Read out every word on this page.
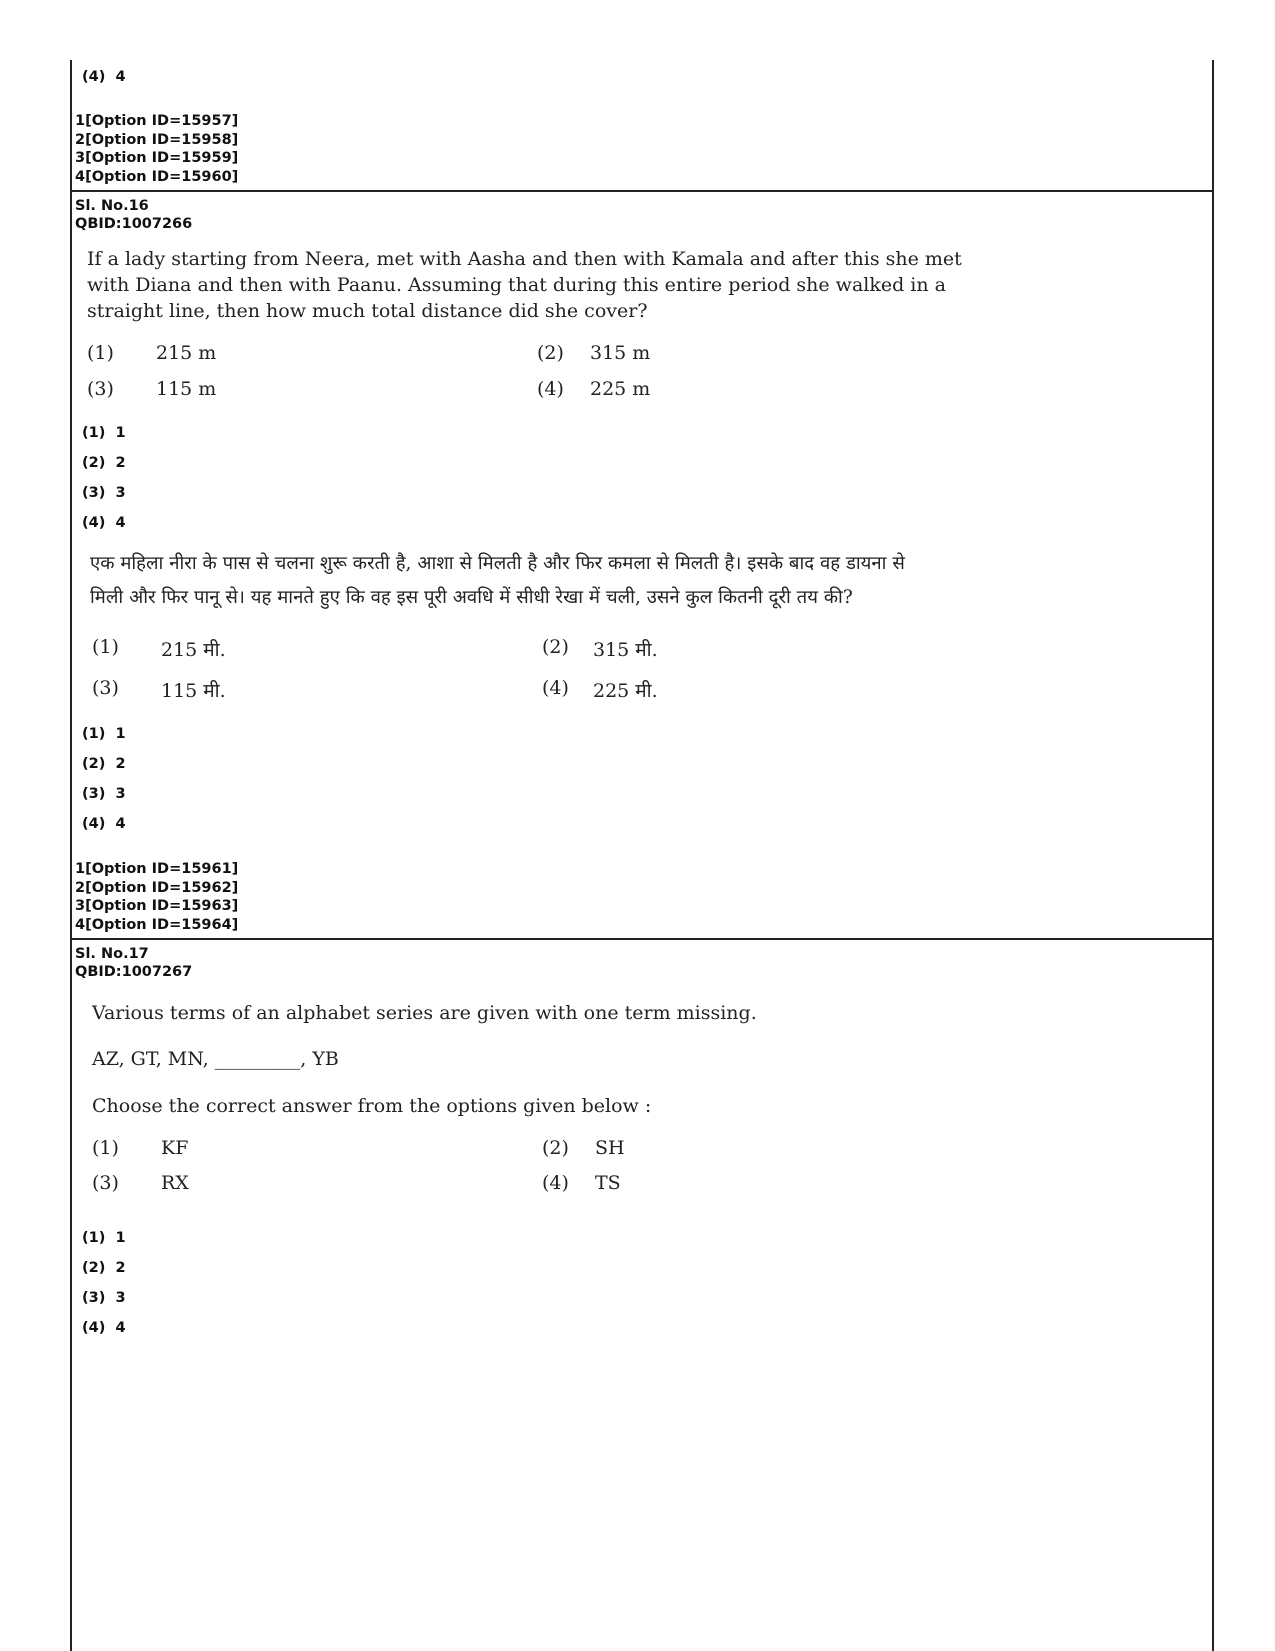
(4)  4
1[Option ID=15957]
2[Option ID=15958]
3[Option ID=15959]
4[Option ID=15960]
Sl. No.16
QBID:1007266
If a lady starting from Neera, met with Aasha and then with Kamala and after this she met
with Diana and then with Paanu. Assuming that during this entire period she walked in a
straight line, then how much total distance did she cover?
(1) 215 m	(2) 315 m
(3) 115 m	(4) 225 m
(1)  1
(2)  2
(3)  3
(4)  4
एक महिला नीरा के पास से चलना शुरू करती है, आशा से मिलती है और फिर कमला से मिलती है। इसके बाद वह डायना से
मिली और फिर पानू से। यह मानते हुए कि वह इस पूरी अवधि में सीधी रेखा में चली, उसने कुल कितनी दूरी तय की?
(1) 215 मी.	(2) 315 मी.
(3) 115 मी.	(4) 225 मी.
(1)  1
(2)  2
(3)  3
(4)  4
1[Option ID=15961]
2[Option ID=15962]
3[Option ID=15963]
4[Option ID=15964]
Sl. No.17
QBID:1007267
Various terms of an alphabet series are given with one term missing.
AZ, GT, MN, _________, YB
Choose the correct answer from the options given below :
(1) KF	(2) SH
(3) RX	(4) TS
(1)  1
(2)  2
(3)  3
(4)  4
